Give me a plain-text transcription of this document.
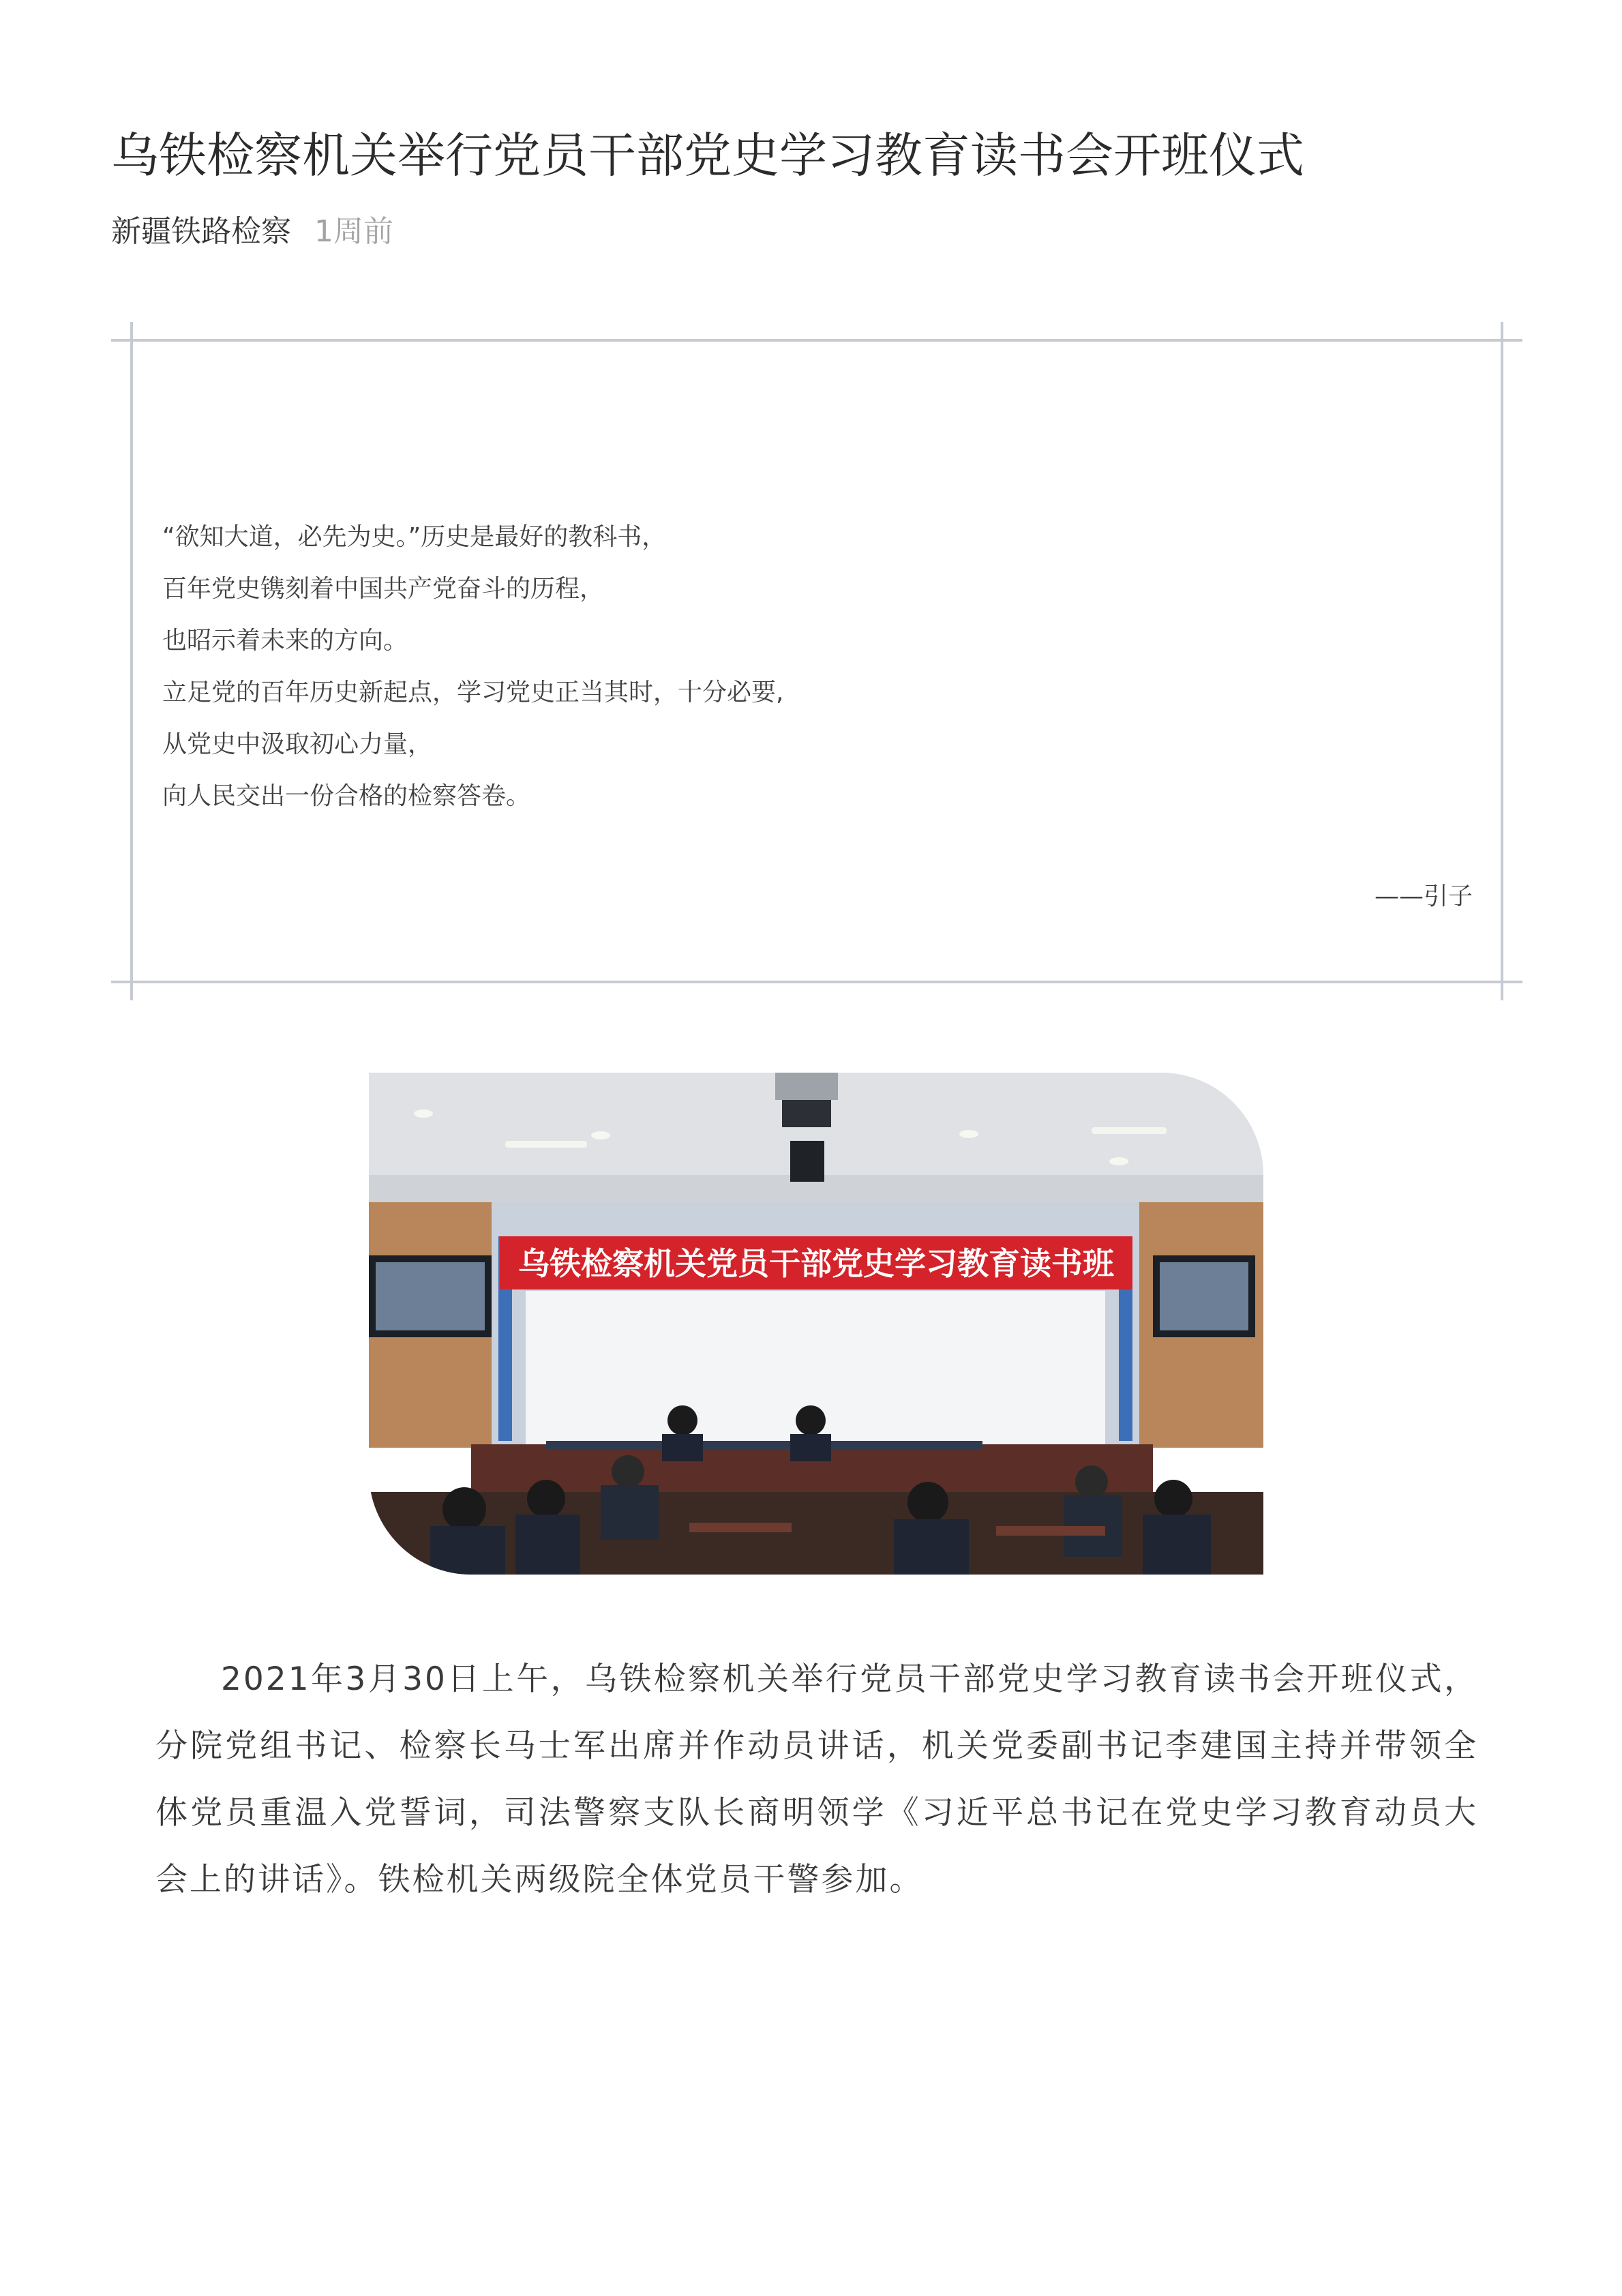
乌铁检察机关举行党员干部党史学习教育读书会开班仪式
新疆铁路检察 1周前
“欲知大道，必先为史。”历史是最好的教科书，
百年党史镌刻着中国共产党奋斗的历程，
也昭示着未来的方向。
立足党的百年历史新起点，学习党史正当其时，十分必要,
从党史中汲取初心力量，
向人民交出一份合格的检察答卷。
——引子
乌铁检察机关党员干部党史学习教育读书班

2021年3月30日上午，乌铁检察机关举行党员干部党史学习教育读书会开班仪式，分院党组书记、检察长马士军出席并作动员讲话，机关党委副书记李建国主持并带领全体党员重温入党誓词，司法警察支队长商明领学《习近平总书记在党史学习教育动员大会上的讲话》。铁检机关两级院全体党员干警参加。
